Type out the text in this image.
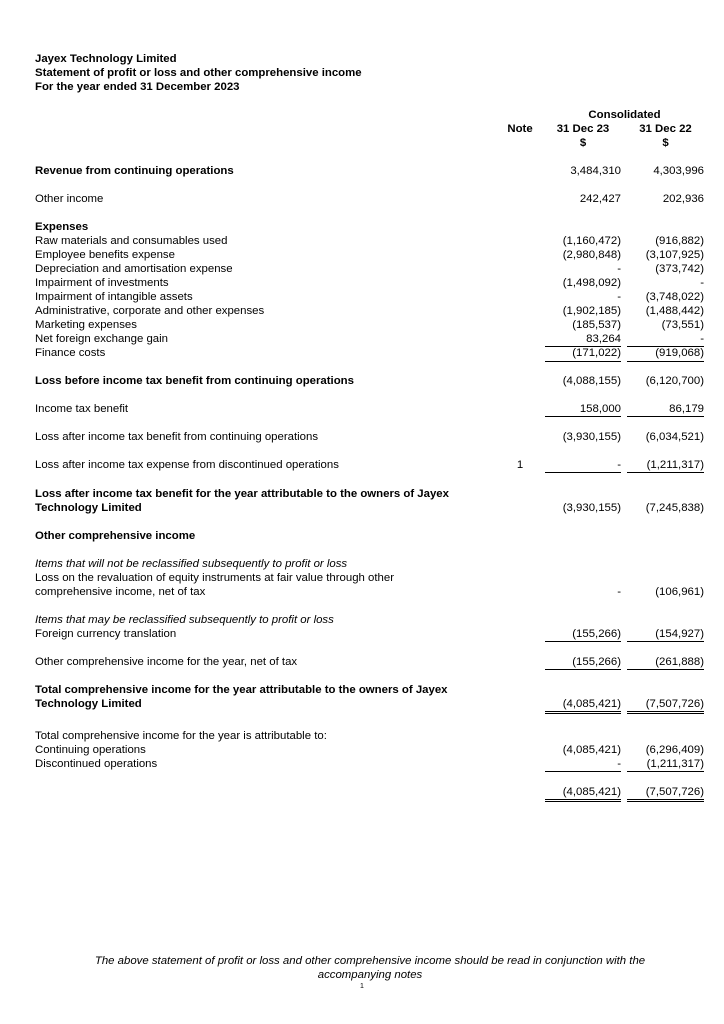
Jayex Technology Limited
Statement of profit or loss and other comprehensive income
For the year ended 31 December 2023
Consolidated
Note	31 Dec 23	31 Dec 22
$	$
Revenue from continuing operations	3,484,310	4,303,996
Other income	242,427	202,936
Expenses
Raw materials and consumables used	(1,160,472)	(916,882)
Employee benefits expense	(2,980,848)	(3,107,925)
Depreciation and amortisation expense	-	(373,742)
Impairment of investments	(1,498,092)	-
Impairment of intangible assets	-	(3,748,022)
Administrative, corporate and other expenses	(1,902,185)	(1,488,442)
Marketing expenses	(185,537)	(73,551)
Net foreign exchange gain	83,264	-
Finance costs	(171,022)	(919,068)
Loss before income tax benefit from continuing operations	(4,088,155)	(6,120,700)
Income tax benefit	158,000	86,179
Loss after income tax benefit from continuing operations	(3,930,155)	(6,034,521)
Loss after income tax expense from discontinued operations	1	-	(1,211,317)
Loss after income tax benefit for the year attributable to the owners of Jayex
Technology Limited	(3,930,155)	(7,245,838)
Other comprehensive income
Items that will not be reclassified subsequently to profit or loss
Loss on the revaluation of equity instruments at fair value through other
comprehensive income, net of tax	-	(106,961)
Items that may be reclassified subsequently to profit or loss
Foreign currency translation	(155,266)	(154,927)
Other comprehensive income for the year, net of tax	(155,266)	(261,888)
Total comprehensive income for the year attributable to the owners of Jayex
Technology Limited	(4,085,421)	(7,507,726)
Total comprehensive income for the year is attributable to:
Continuing operations	(4,085,421)	(6,296,409)
Discontinued operations	-	(1,211,317)
(4,085,421)	(7,507,726)
The above statement of profit or loss and other comprehensive income should be read in conjunction with the
accompanying notes
1
